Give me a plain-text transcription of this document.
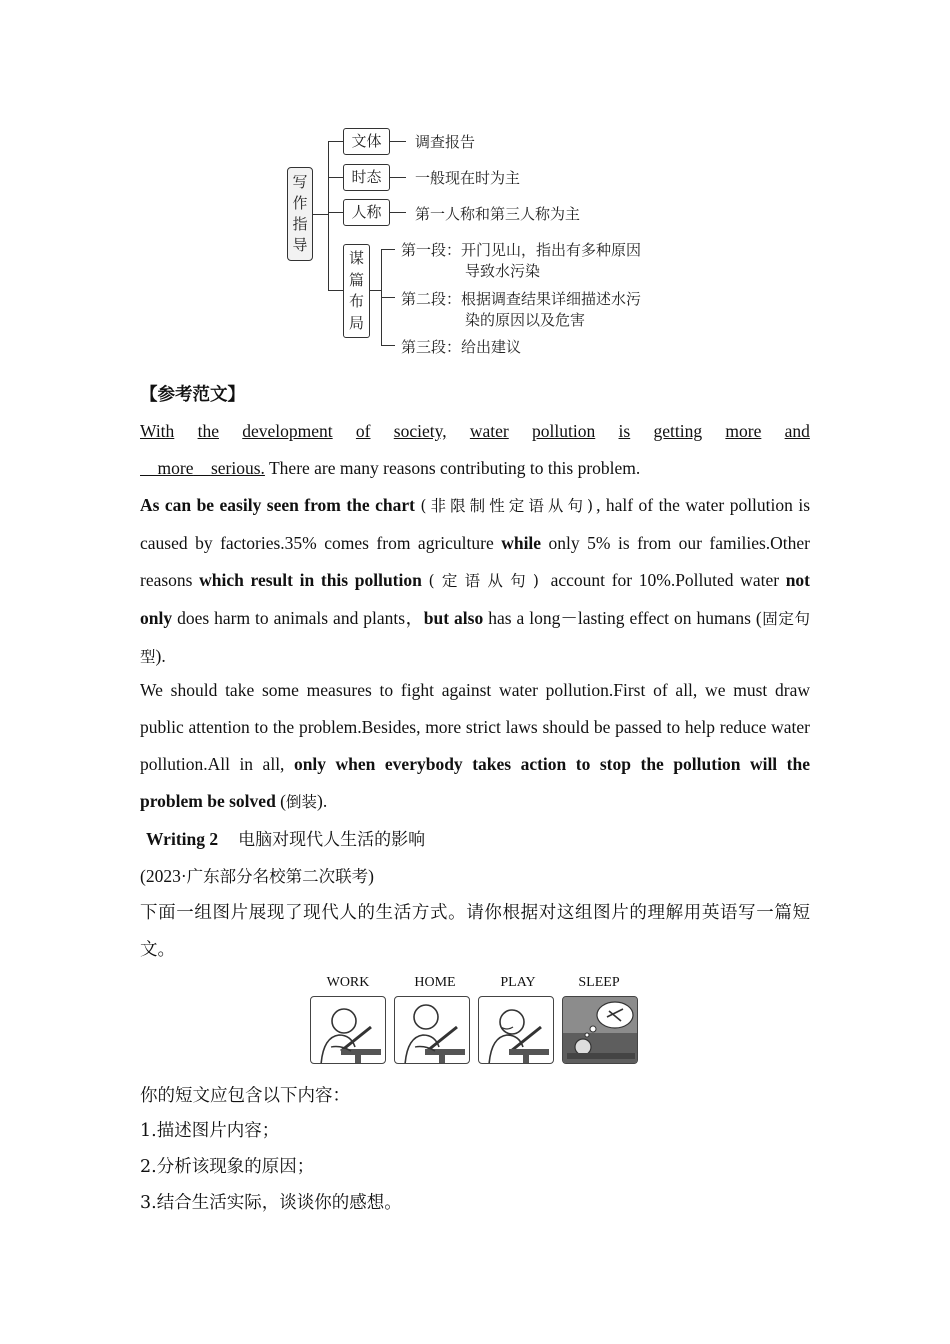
写
作
指
导
文体	调查报告
时态	一般现在时为主
人称	第一人称和第三人称为主
谋
篇
布
局
第一段：开门见山，指出有多种原因
导致水污染
第二段：根据调查结果详细描述水污
染的原因以及危害
第三段：给出建议
【参考范文】
With the development of society, water pollution is getting more and
more serious. There are many reasons contributing to this problem.
As can be easily seen from the chart (非限制性定语从句), half of the water pollution is caused by factories.35% comes from agriculture while only 5% is from our families.Other reasons which result in this pollution (定语从句) account for 10%.Polluted water not only does harm to animals and plants，but also has a long－lasting effect on humans (固定句型).
We should take some measures to fight against water pollution.First of all, we must draw public attention to the problem.Besides, more strict laws should be passed to help reduce water pollution.All in all, only when everybody takes action to stop the pollution will the problem be solved (倒装).
Writing 2 电脑对现代人生活的影响
(2023·广东部分名校第二次联考)
下面一组图片展现了现代人的生活方式。请你根据对这组图片的理解用英语写一篇短文。
WORK	HOME	PLAY	SLEEP
你的短文应包含以下内容：
1.描述图片内容；
2.分析该现象的原因；
3.结合生活实际，谈谈你的感想。
